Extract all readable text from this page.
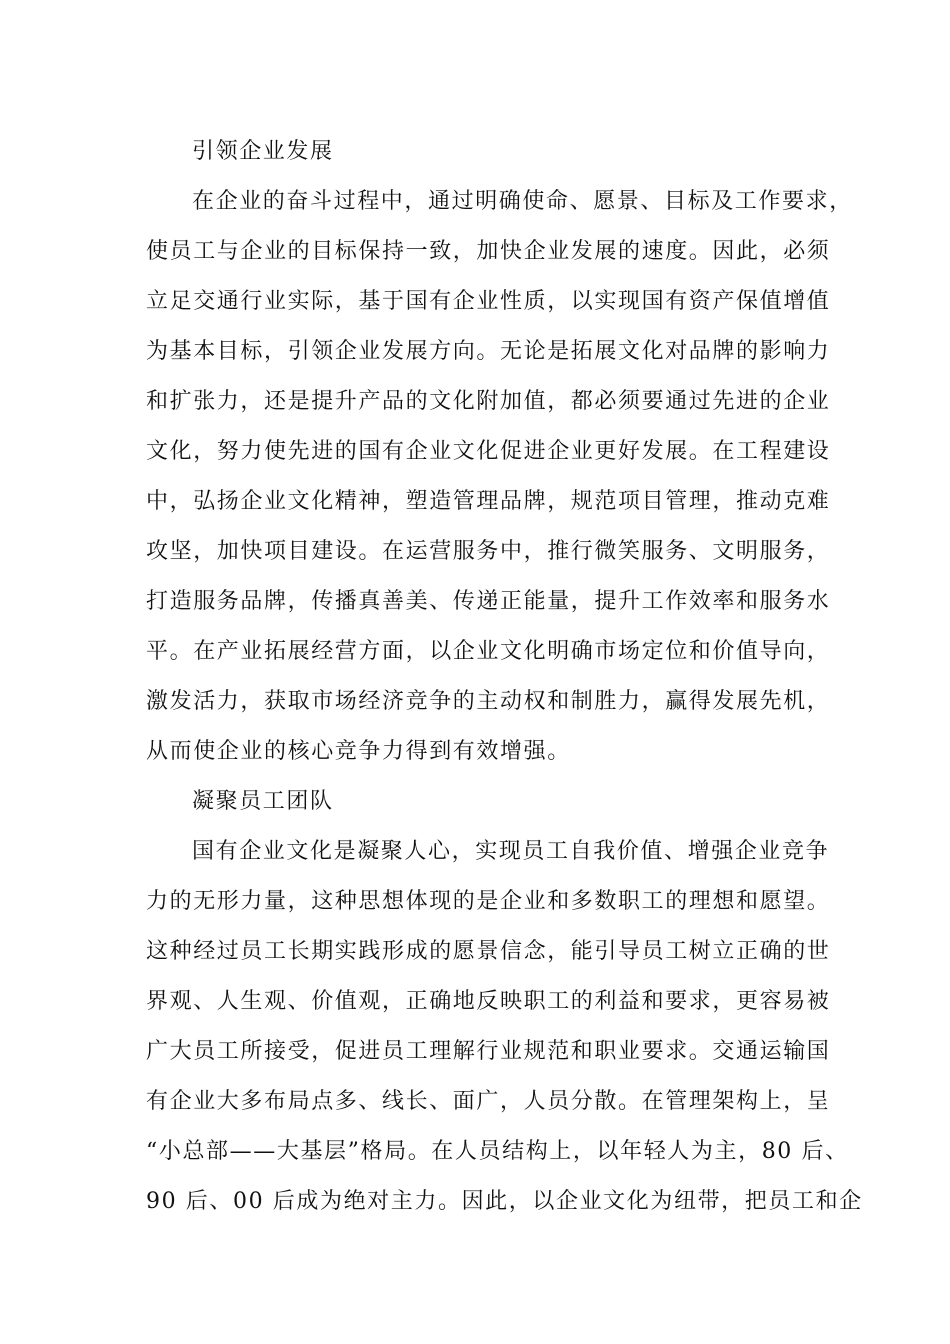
引领企业发展
在企业的奋斗过程中，通过明确使命、愿景、目标及工作要求，
使员工与企业的目标保持一致，加快企业发展的速度。因此，必须
立足交通行业实际，基于国有企业性质，以实现国有资产保值增值
为基本目标，引领企业发展方向。无论是拓展文化对品牌的影响力
和扩张力，还是提升产品的文化附加值，都必须要通过先进的企业
文化，努力使先进的国有企业文化促进企业更好发展。在工程建设
中，弘扬企业文化精神，塑造管理品牌，规范项目管理，推动克难
攻坚，加快项目建设。在运营服务中，推行微笑服务、文明服务，
打造服务品牌，传播真善美、传递正能量，提升工作效率和服务水
平。在产业拓展经营方面，以企业文化明确市场定位和价值导向，
激发活力，获取市场经济竞争的主动权和制胜力，赢得发展先机，
从而使企业的核心竞争力得到有效增强。
凝聚员工团队
国有企业文化是凝聚人心，实现员工自我价值、增强企业竞争
力的无形力量，这种思想体现的是企业和多数职工的理想和愿望。
这种经过员工长期实践形成的愿景信念，能引导员工树立正确的世
界观、人生观、价值观，正确地反映职工的利益和要求，更容易被
广大员工所接受，促进员工理解行业规范和职业要求。交通运输国
有企业大多布局点多、线长、面广，人员分散。在管理架构上，呈
“小总部——大基层”格局。在人员结构上，以年轻人为主，80 后、
90 后、00 后成为绝对主力。因此，以企业文化为纽带，把员工和企
